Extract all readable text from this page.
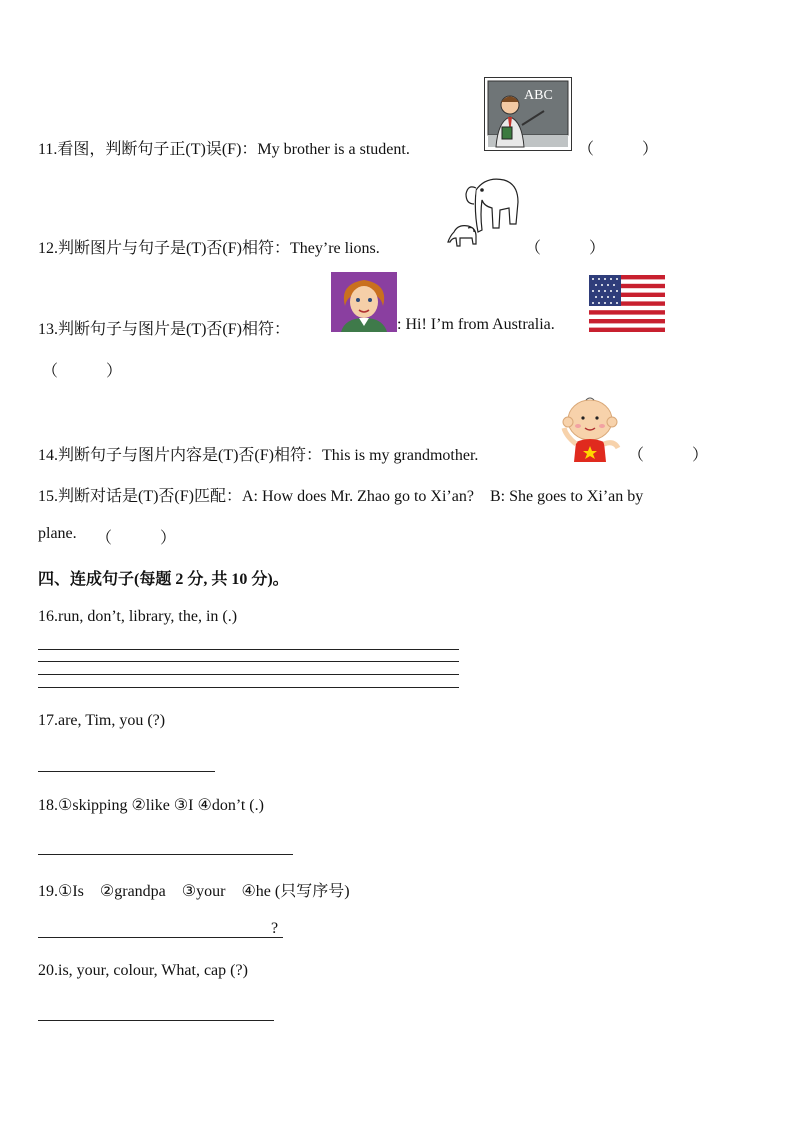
11.看图，判断句子正(T)误(F)：My brother is a student.
ABC
（　　　）
12.判断图片与句子是(T)否(F)相符：They’re lions.	（　　　）
13.判断句子与图片是(T)否(F)相符：	: Hi! I’m from Australia.
（　　　）
14.判断句子与图片内容是(T)否(F)相符：This is my grandmother.	（　　　）
15.判断对话是(T)否(F)匹配：A: How does Mr. Zhao go to Xi’an?　B: She goes to Xi’an by
plane. （　　　）
四、连成句子(每题 2 分, 共 10 分)。
16.run, don’t, library, the, in (.)
17.are, Tim, you (?)
18.①skipping ②like ③I ④don’t (.)
19.①Is　②grandpa　③your　④he (只写序号)
?
20.is, your, colour, What, cap (?)
